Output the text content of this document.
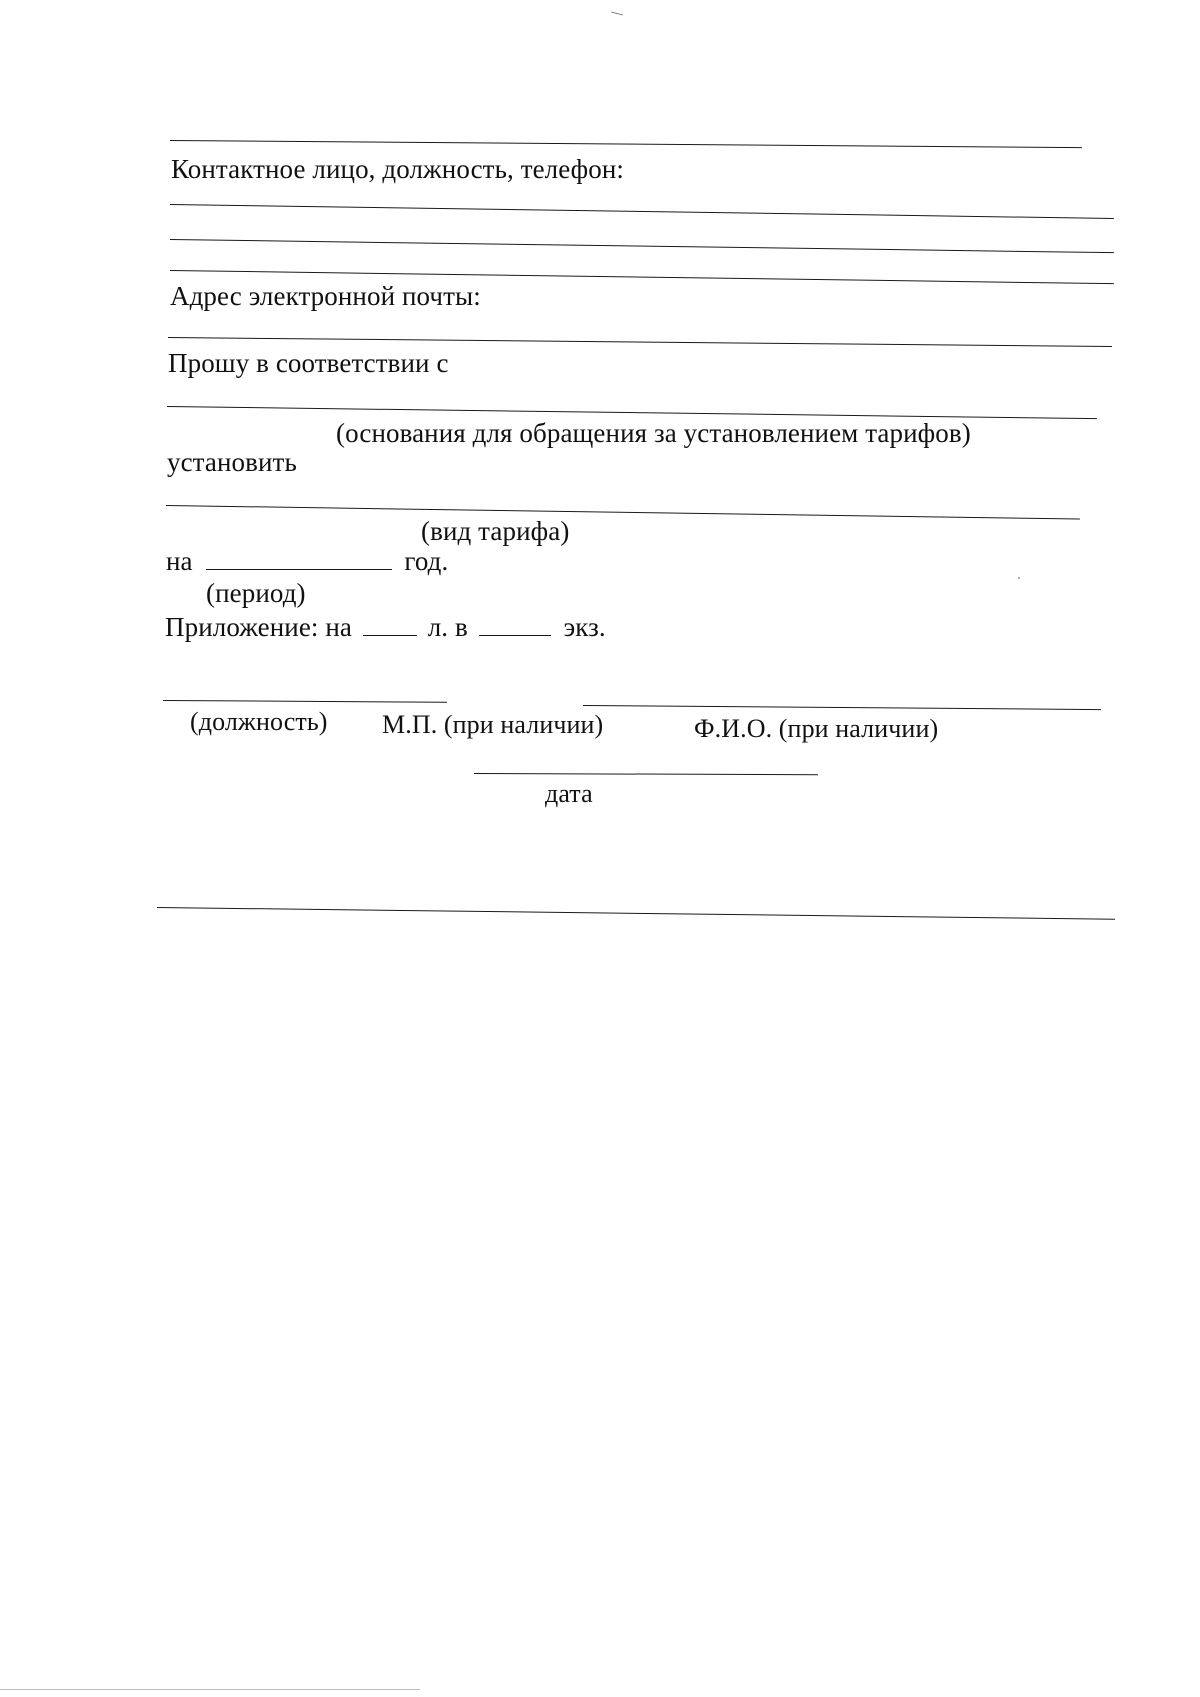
Контактное лицо, должность, телефон:
Адрес электронной почты:
Прошу в соответствии с
(основания для обращения за установлением тарифов)
установить
(вид тарифа)
на	год.
(период)
Приложение: на	л. в	экз.
(должность) М.П. (при наличии)	Ф.И.О. (при наличии)
дата
